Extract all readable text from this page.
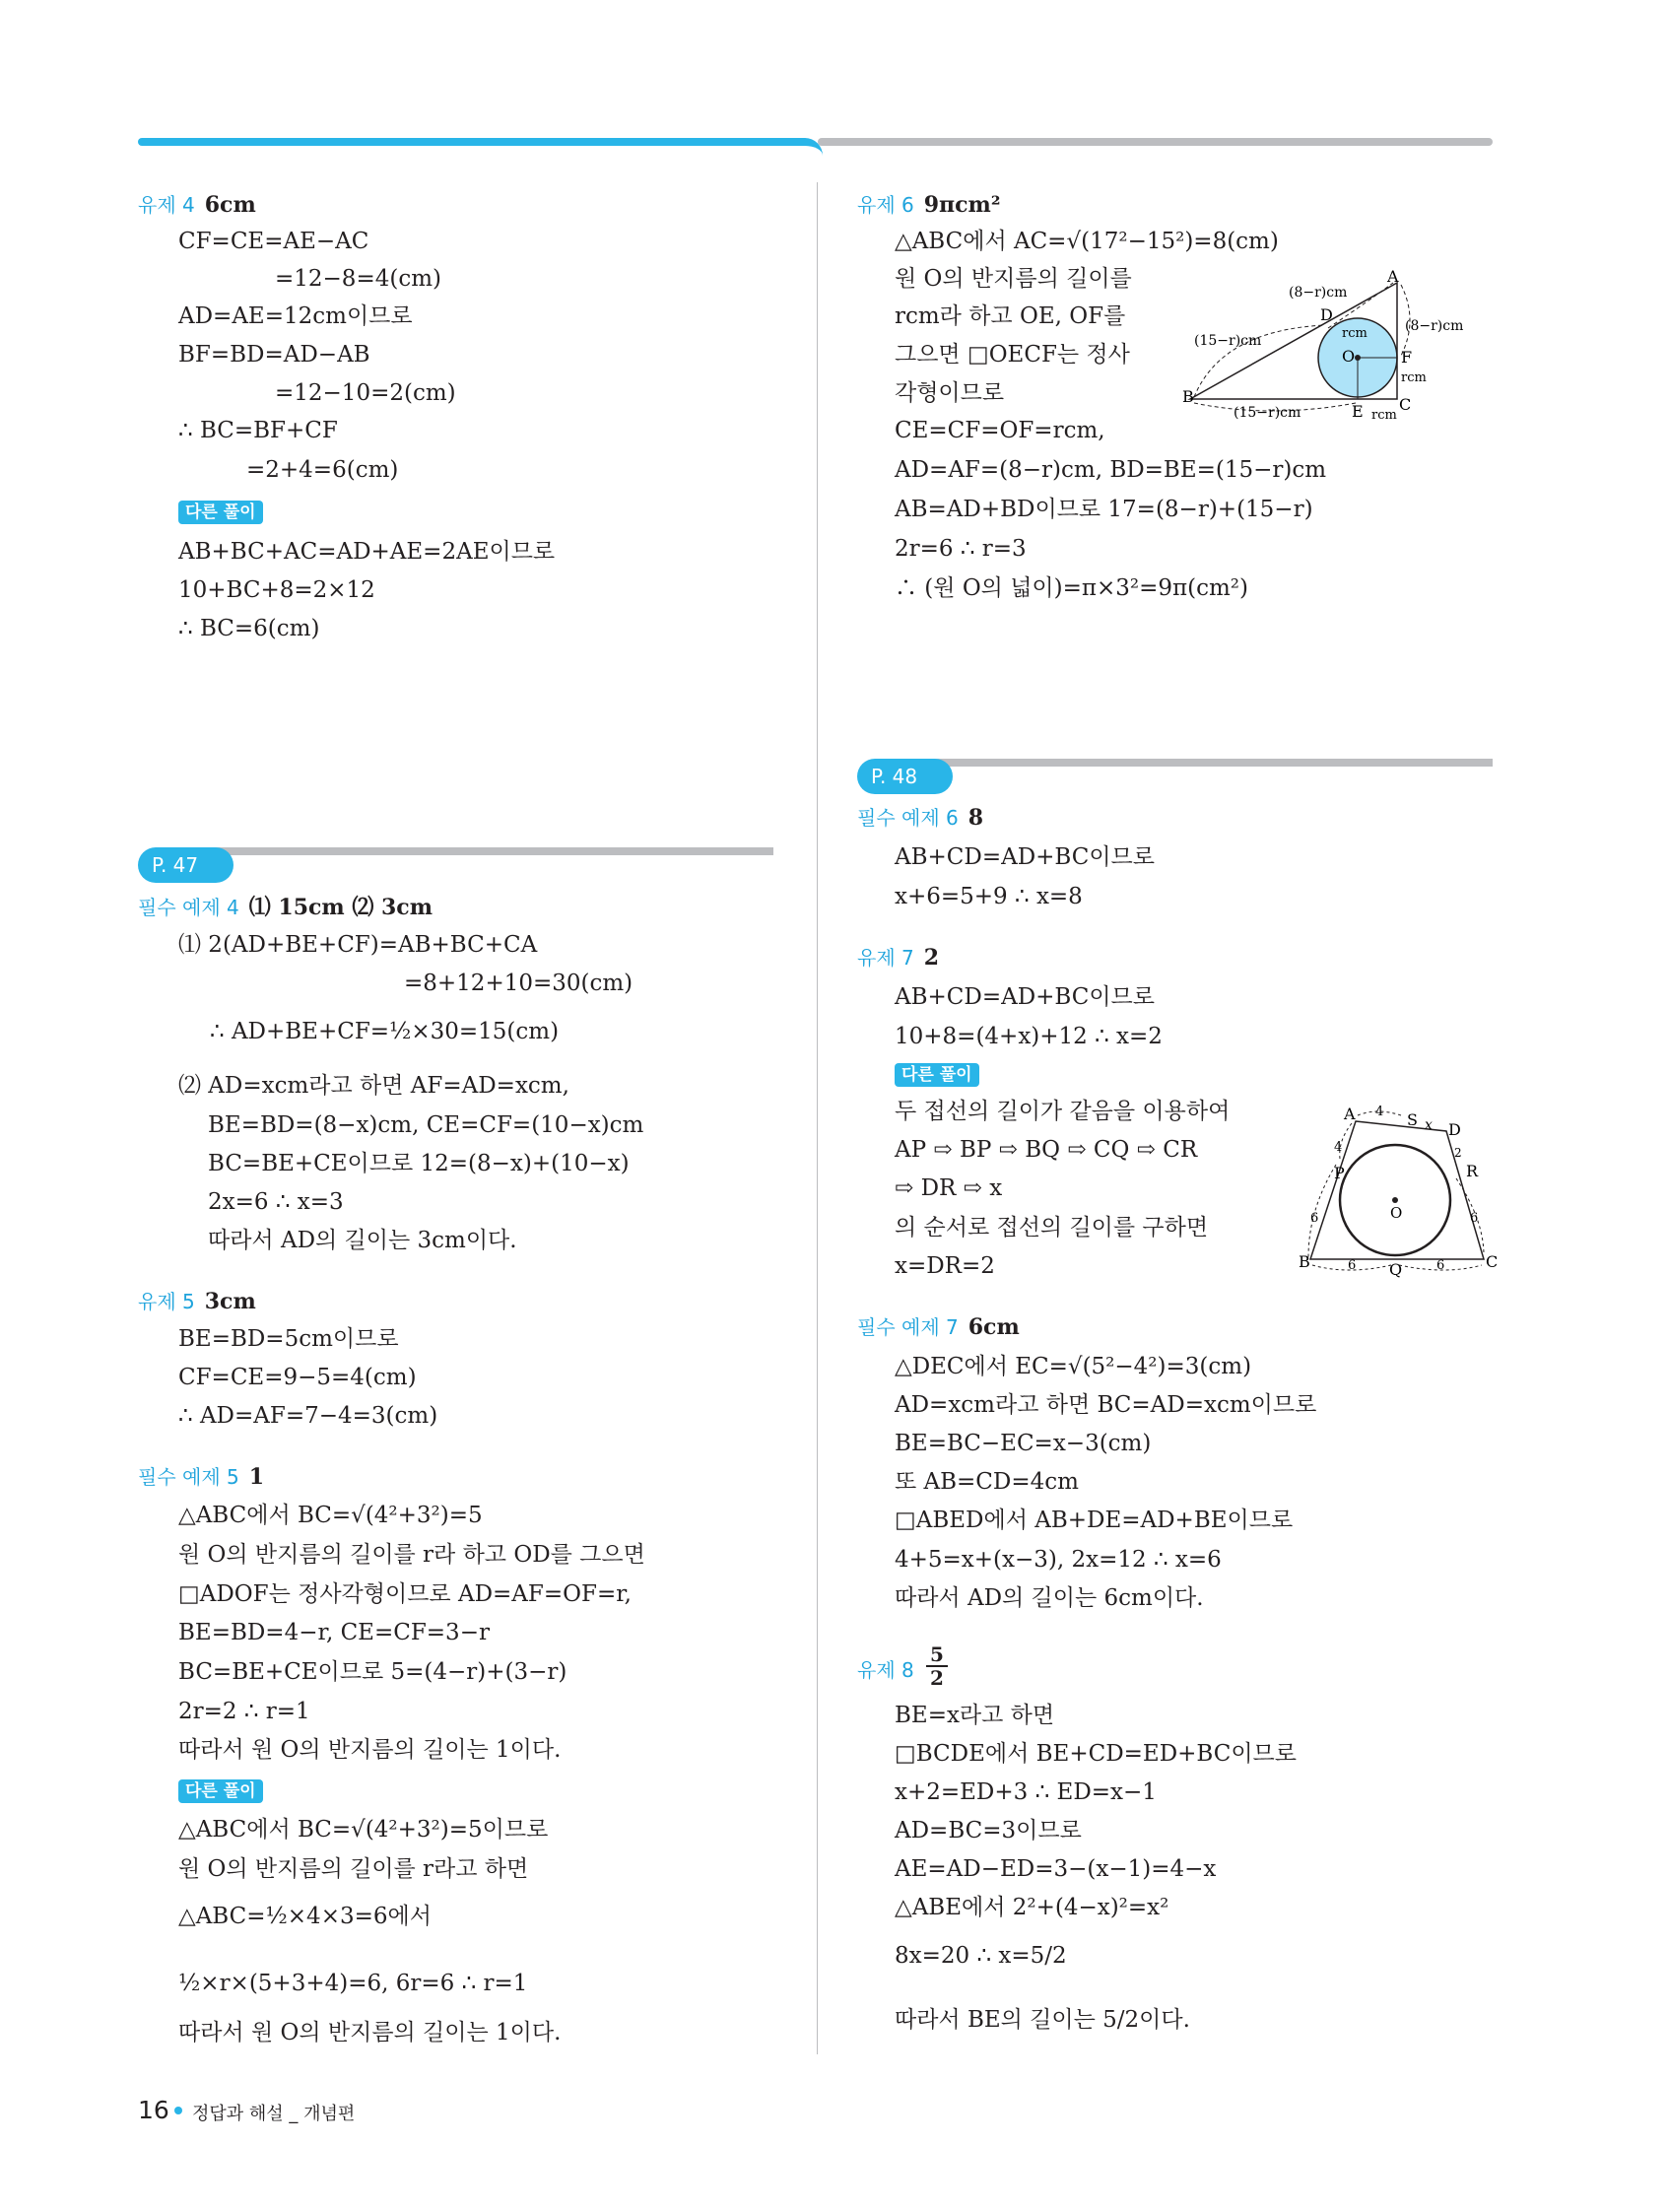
유제 4 6cm
CF=CE=AE−AC
=12−8=4(cm)
AD=AE=12cm이므로
BF=BD=AD−AB
=12−10=2(cm)
∴ BC=BF+CF
=2+4=6(cm)
다른 풀이
AB+BC+AC=AD+AE=2AE이므로
10+BC+8=2×12
∴ BC=6(cm)
P. 47
필수 예제 4 ⑴ 15cm ⑵ 3cm
⑴ 2(AD+BE+CF)=AB+BC+CA
=8+12+10=30(cm)
∴ AD+BE+CF=½×30=15(cm)
⑵ AD=xcm라고 하면 AF=AD=xcm,
BE=BD=(8−x)cm, CE=CF=(10−x)cm
BC=BE+CE이므로 12=(8−x)+(10−x)
2x=6 ∴ x=3
따라서 AD의 길이는 3cm이다.
유제 5 3cm
BE=BD=5cm이므로
CF=CE=9−5=4(cm)
∴ AD=AF=7−4=3(cm)
필수 예제 5 1
△ABC에서 BC=√(4²+3²)=5
원 O의 반지름의 길이를 r라 하고 OD를 그으면
□ADOF는 정사각형이므로 AD=AF=OF=r,
BE=BD=4−r, CE=CF=3−r
BC=BE+CE이므로 5=(4−r)+(3−r)
2r=2 ∴ r=1
따라서 원 O의 반지름의 길이는 1이다.
다른 풀이
△ABC에서 BC=√(4²+3²)=5이므로
원 O의 반지름의 길이를 r라고 하면
△ABC=½×4×3=6에서
½×r×(5+3+4)=6, 6r=6 ∴ r=1
따라서 원 O의 반지름의 길이는 1이다.
유제 6 9πcm²
△ABC에서 AC=√(17²−15²)=8(cm)
원 O의 반지름의 길이를
rcm라 하고 OE, OF를
그으면 □OECF는 정사
각형이므로
CE=CF=OF=rcm,
AD=AF=(8−r)cm, BD=BE=(15−r)cm
AB=AD+BD이므로 17=(8−r)+(15−r)
2r=6 ∴ r=3
∴ (원 O의 넓이)=π×3²=9π(cm²)
A
B	C
D
E
F
O
(8−r)cm
(8−r)cm
(15−r)cm
(15−r)cm
rcm
rcm
rcm
P. 48
필수 예제 6 8
AB+CD=AD+BC이므로
x+6=5+9 ∴ x=8
유제 7 2
AB+CD=AD+BC이므로
10+8=(4+x)+12 ∴ x=2
다른 풀이
두 접선의 길이가 같음을 이용하여
AP ⇨ BP ⇨ BQ ⇨ CQ ⇨ CR
⇨ DR ⇨ x
의 순서로 접선의 길이를 구하면
x=DR=2
A
B	C
D
P
Q
R
S
O
4
4
6	6
6	6
x
2
필수 예제 7 6cm
△DEC에서 EC=√(5²−4²)=3(cm)
AD=xcm라고 하면 BC=AD=xcm이므로
BE=BC−EC=x−3(cm)
또 AB=CD=4cm
□ABED에서 AB+DE=AD+BE이므로
4+5=x+(x−3), 2x=12 ∴ x=6
따라서 AD의 길이는 6cm이다.
유제 $8 \frac{5}{2}$
BE=x라고 하면
□BCDE에서 BE+CD=ED+BC이므로
x+2=ED+3 ∴ ED=x−1
AD=BC=3이므로
AE=AD−ED=3−(x−1)=4−x
△ABE에서 2²+(4−x)²=x²
8x=20 ∴ x=5/2
따라서 BE의 길이는 5/2이다.
16 정답과 해설 _ 개념편
